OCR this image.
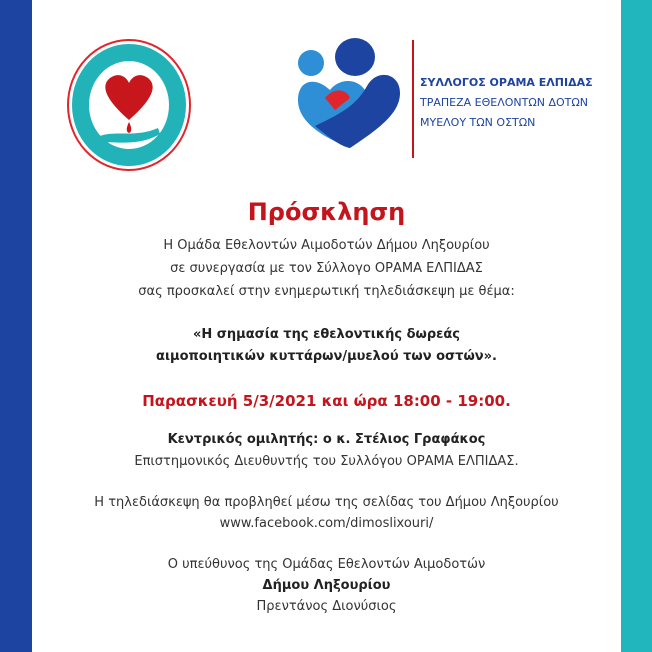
ΣΥΛΛΟΓΟΣ ΟΡΑΜΑ ΕΛΠΙΔΑΣ
ΤΡΑΠΕΖΑ ΕΘΕΛΟΝΤΩΝ ΔΟΤΩΝ
ΜΥΕΛΟΥ ΤΩΝ ΟΣΤΩΝ
Πρόσκληση
Η Ομάδα Εθελοντών Αιμοδοτών Δήμου Ληξουρίου
σε συνεργασία με τον Σύλλογο ΟΡΑΜΑ ΕΛΠΙΔΑΣ
σας προσκαλεί στην ενημερωτική τηλεδιάσκεψη με θέμα:
«Η σημασία της εθελοντικής δωρεάς
αιμοποιητικών κυττάρων/μυελού των οστών».
Παρασκευή 5/3/2021 και ώρα 18:00 - 19:00.
Κεντρικός ομιλητής: ο κ. Στέλιος Γραφάκος
Επιστημονικός Διευθυντής του Συλλόγου ΟΡΑΜΑ ΕΛΠΙΔΑΣ.
Η τηλεδιάσκεψη θα προβληθεί μέσω της σελίδας του Δήμου Ληξουρίου
www.facebook.com/dimoslixouri/
Ο υπεύθυνος της Ομάδας Εθελοντών Αιμοδοτών
Δήμου Ληξουρίου
Πρεντάνος Διονύσιος
